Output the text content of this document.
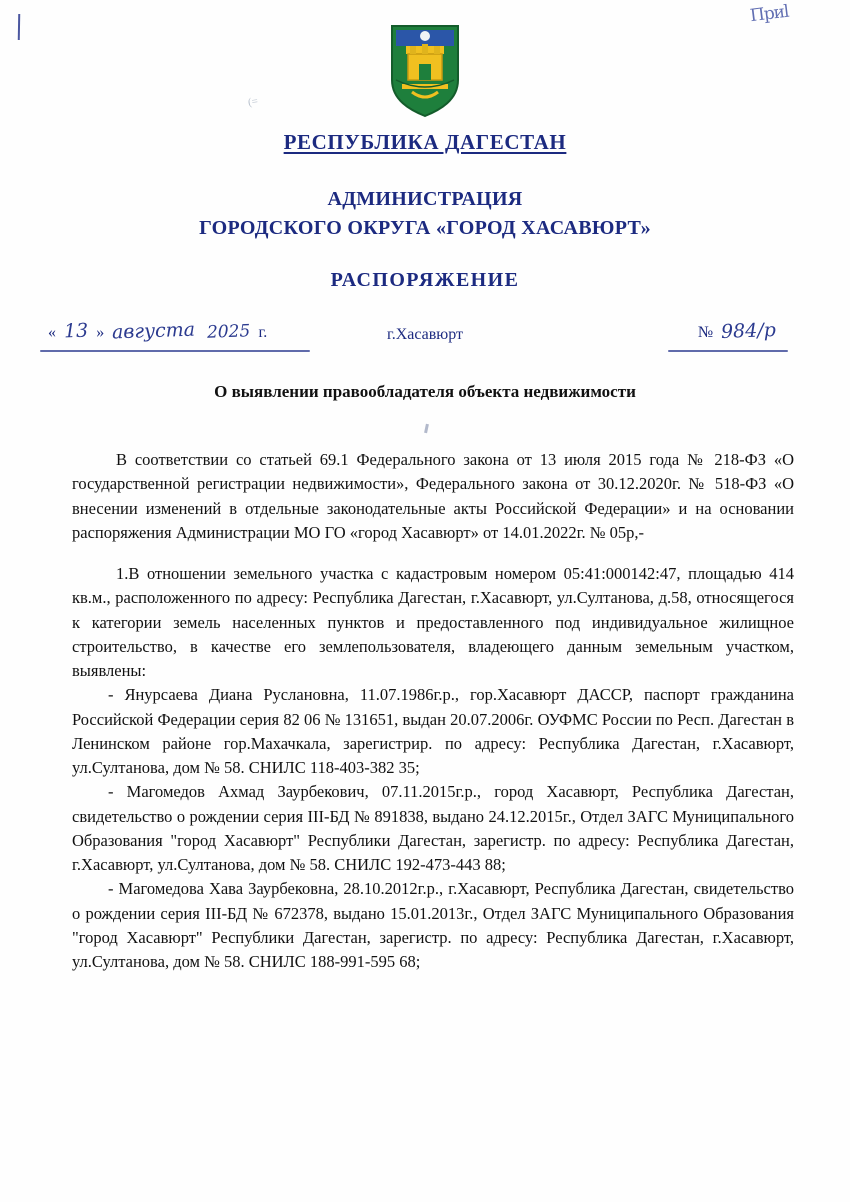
Приl
(=
РЕСПУБЛИКА ДАГЕСТАН
АДМИНИСТРАЦИЯ
ГОРОДСКОГО ОКРУГА «ГОРОД ХАСАВЮРТ»
РАСПОРЯЖЕНИЕ
« 13 » августа 2025 г.	г.Хасавюрт	№ 984/р
О выявлении правообладателя объекта недвижимости

В соответствии со статьей 69.1 Федерального закона от 13 июля 2015 года № 218-ФЗ «О государственной регистрации недвижимости», Федерального закона от 30.12.2020г. № 518-ФЗ «О внесении изменений в отдельные законодательные акты Российской Федерации» и на основании распоряжения Администрации МО ГО «город Хасавюрт» от 14.01.2022г. № 05р,-

1.В отношении земельного участка с кадастровым номером 05:41:000142:47, площадью 414 кв.м., расположенного по адресу: Республика Дагестан, г.Хасавюрт, ул.Султанова, д.58, относящегося к категории земель населенных пунктов и предоставленного под индивидуальное жилищное строительство, в качестве его землепользователя, владеющего данным земельным участком, выявлены:

- Янурсаева Диана Руслановна, 11.07.1986г.р., гор.Хасавюрт ДАССР, паспорт гражданина Российской Федерации серия 82 06 № 131651, выдан 20.07.2006г. ОУФМС России по Респ. Дагестан в Ленинском районе гор.Махачкала, зарегистрир. по адресу: Республика Дагестан, г.Хасавюрт, ул.Султанова, дом № 58. СНИЛС 118-403-382 35;

- Магомедов Ахмад Заурбекович, 07.11.2015г.р., город Хасавюрт, Республика Дагестан, свидетельство о рождении серия III-БД № 891838, выдано 24.12.2015г., Отдел ЗАГС Муниципального Образования "город Хасавюрт" Республики Дагестан, зарегистр. по адресу: Республика Дагестан, г.Хасавюрт, ул.Султанова, дом № 58. СНИЛС 192-473-443 88;

- Магомедова Хава Заурбековна, 28.10.2012г.р., г.Хасавюрт, Республика Дагестан, свидетельство о рождении серия III-БД № 672378, выдано 15.01.2013г., Отдел ЗАГС Муниципального Образования "город Хасавюрт" Республики Дагестан, зарегистр. по адресу: Республика Дагестан, г.Хасавюрт, ул.Султанова, дом № 58. СНИЛС 188-991-595 68;
